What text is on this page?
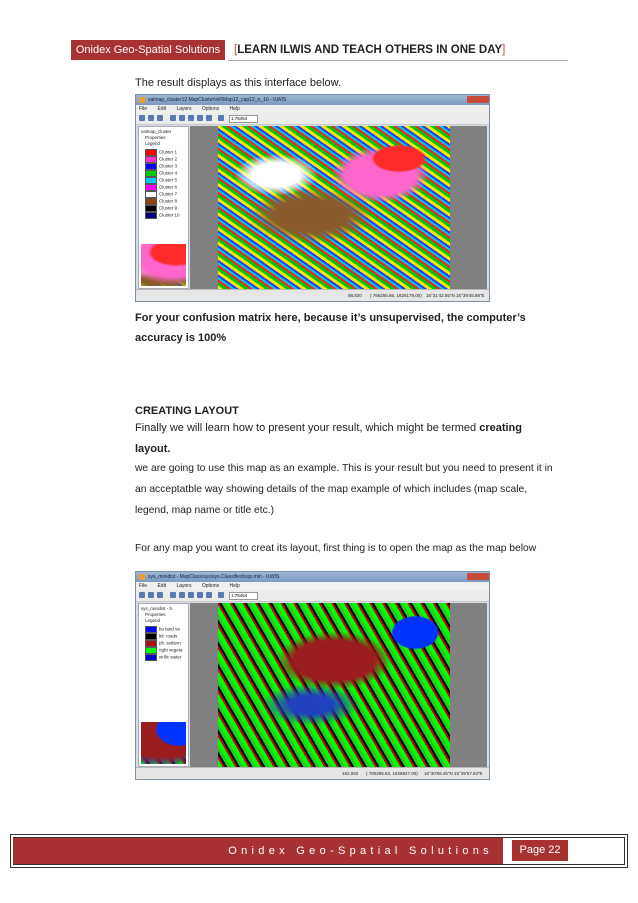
Onidex Geo-Spatial Solutions	[LEARN ILWIS AND TEACH OTHERS IN ONE DAY]
The result displays as this interface below.
valmap_cluster12 MapCluster\nill\Map12_cap12_n_10 - ILWIS
File Edit Layers Options Help
1:76454
valmap_cluster
Properties
Legend
Cluster 1
Cluster 2
Cluster 3
Cluster 4
Cluster 5
Cluster 6
Cluster 7
Cluster 8
Cluster 9
Cluster 10
98,820 ( 766256.86, 1826179.00) 16°31'42.65"N 15°39'45.88"E
For your confusion matrix here, because it’s unsupervised, the computer’s accuracy is 100%
CREATING LAYOUT
Finally we will learn how to present your result, which might be termed creating layout.
we are going to use this map as an example. This is your result but you need to present it in an acceptatble way showing details of the map example of which includes (map scale, legend, map name or title etc.)
For any map you want to creat its layout, first thing is to open the map as the map below
sys_minidist - MapClass\sys\sys.Classified\sup.min - ILWIS
File Edit Layers Options Help
1:76454
sys_minidist - b
Properties
Legend
bu land va
lid: roads
plt: settlem
right vegeta
virllic water
152,082 ( 780295.83, 1828847.00) 16°30'59.45"N 15°39'57.83"E
Onidex Geo-Spatial Solutions	Page 22
